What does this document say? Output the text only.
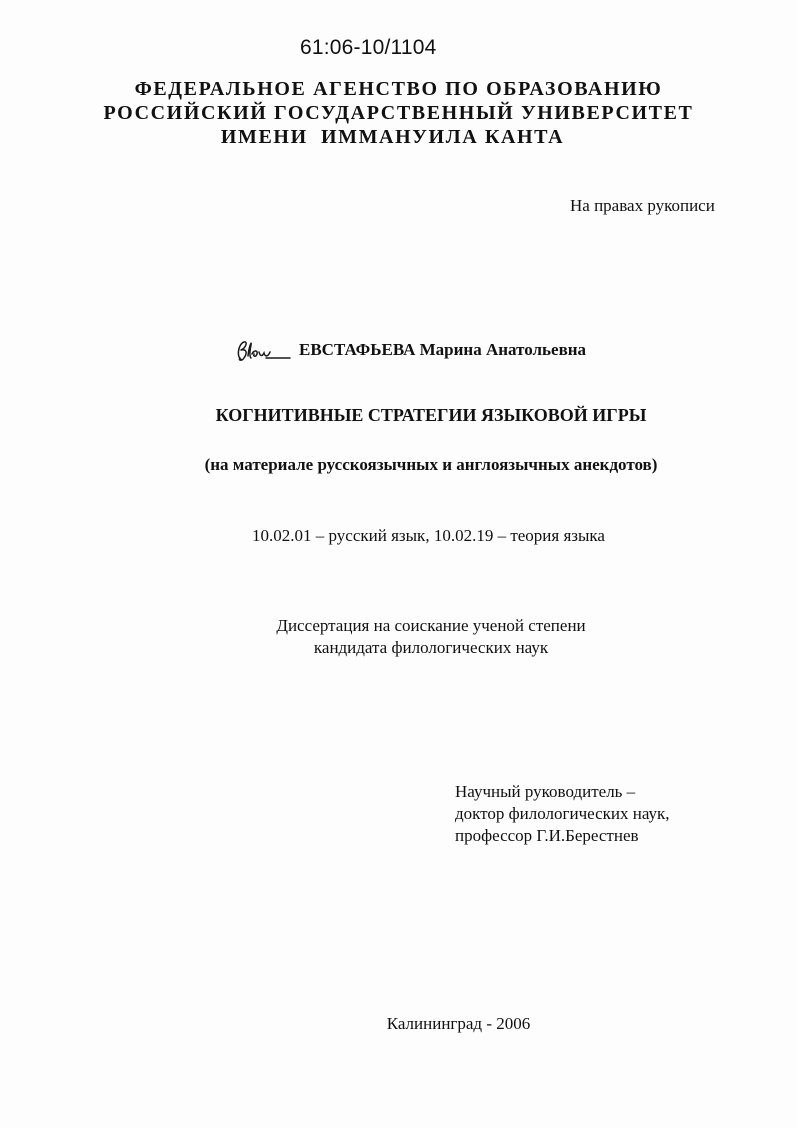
61:06-10/1104
ФЕДЕРАЛЬНОЕ АГЕНСТВО ПО ОБРАЗОВАНИЮ
РОССИЙСКИЙ ГОСУДАРСТВЕННЫЙ УНИВЕРСИТЕТ
ИМЕНИ  ИММАНУИЛА КАНТА
На правах рукописи
ЕВСТАФЬЕВА Марина Анатольевна
КОГНИТИВНЫЕ СТРАТЕГИИ ЯЗЫКОВОЙ ИГРЫ
(на материале русскоязычных и англоязычных анекдотов)
10.02.01 – русский язык, 10.02.19 – теория языка
Диссертация на соискание ученой степени
кандидата филологических наук
Научный руководитель –
доктор филологических наук,
профессор Г.И.Берестнев
Калининград - 2006
